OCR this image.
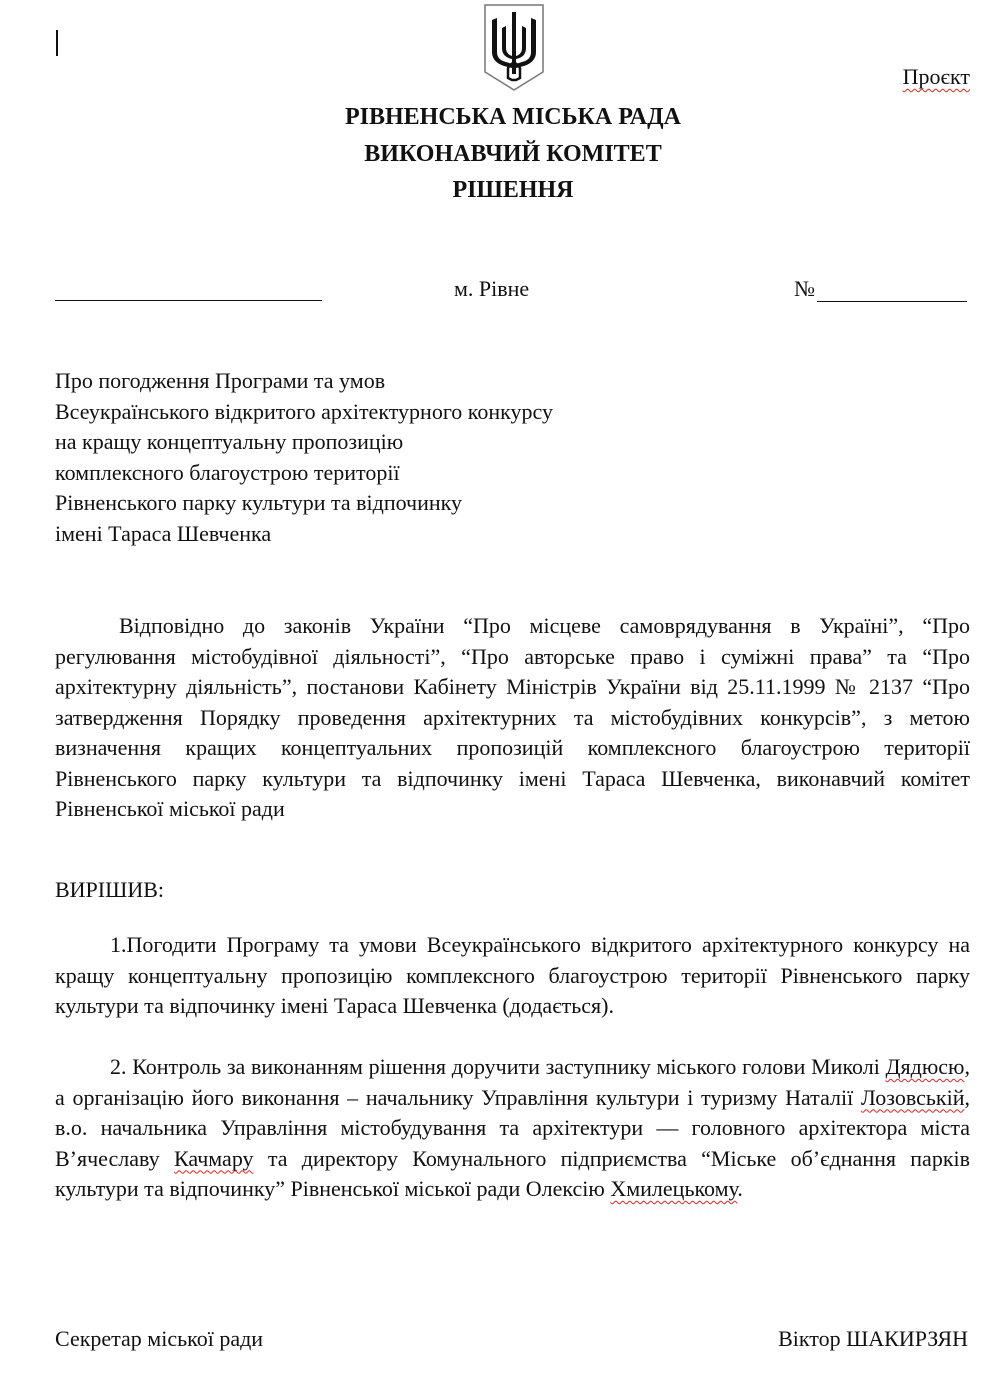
Проєкт
РІВНЕНСЬКА МІСЬКА РАДА
ВИКОНАВЧИЙ КОМІТЕТ
РІШЕННЯ
м. Рівне	№
Про погодження Програми та умов
Всеукраїнського відкритого архітектурного конкурсу
на кращу концептуальну пропозицію
комплексного благоустрою території
Рівненського парку культури та відпочинку
імені Тараса Шевченка
Відповідно до законів України “Про місцеве самоврядування в Україні”, “Про регулювання містобудівної діяльності”, “Про авторське право і суміжні права” та “Про архітектурну діяльність”, постанови Кабінету Міністрів України від 25.11.1999 № 2137 “Про затвердження Порядку проведення архітектурних та містобудівних конкурсів”, з метою визначення кращих концептуальних пропозицій комплексного благоустрою території Рівненського парку культури та відпочинку імені Тараса Шевченка, виконавчий комітет Рівненської міської ради
ВИРІШИВ:
1.Погодити Програму та умови Всеукраїнського відкритого архітектурного конкурсу на кращу концептуальну пропозицію комплексного благоустрою території Рівненського парку культури та відпочинку імені Тараса Шевченка (додається).
2. Контроль за виконанням рішення доручити заступнику міського голови Миколі Дядюсю, а організацію його виконання – начальнику Управління культури і туризму Наталії Лозовській, в.о. начальника Управління містобудування та архітектури — головного архітектора міста В’ячеславу Качмару та директору Комунального підприємства “Міське об’єднання парків культури та відпочинку” Рівненської міської ради Олексію Хмилецькому.
Секретар міської ради	Віктор ШАКИРЗЯН
